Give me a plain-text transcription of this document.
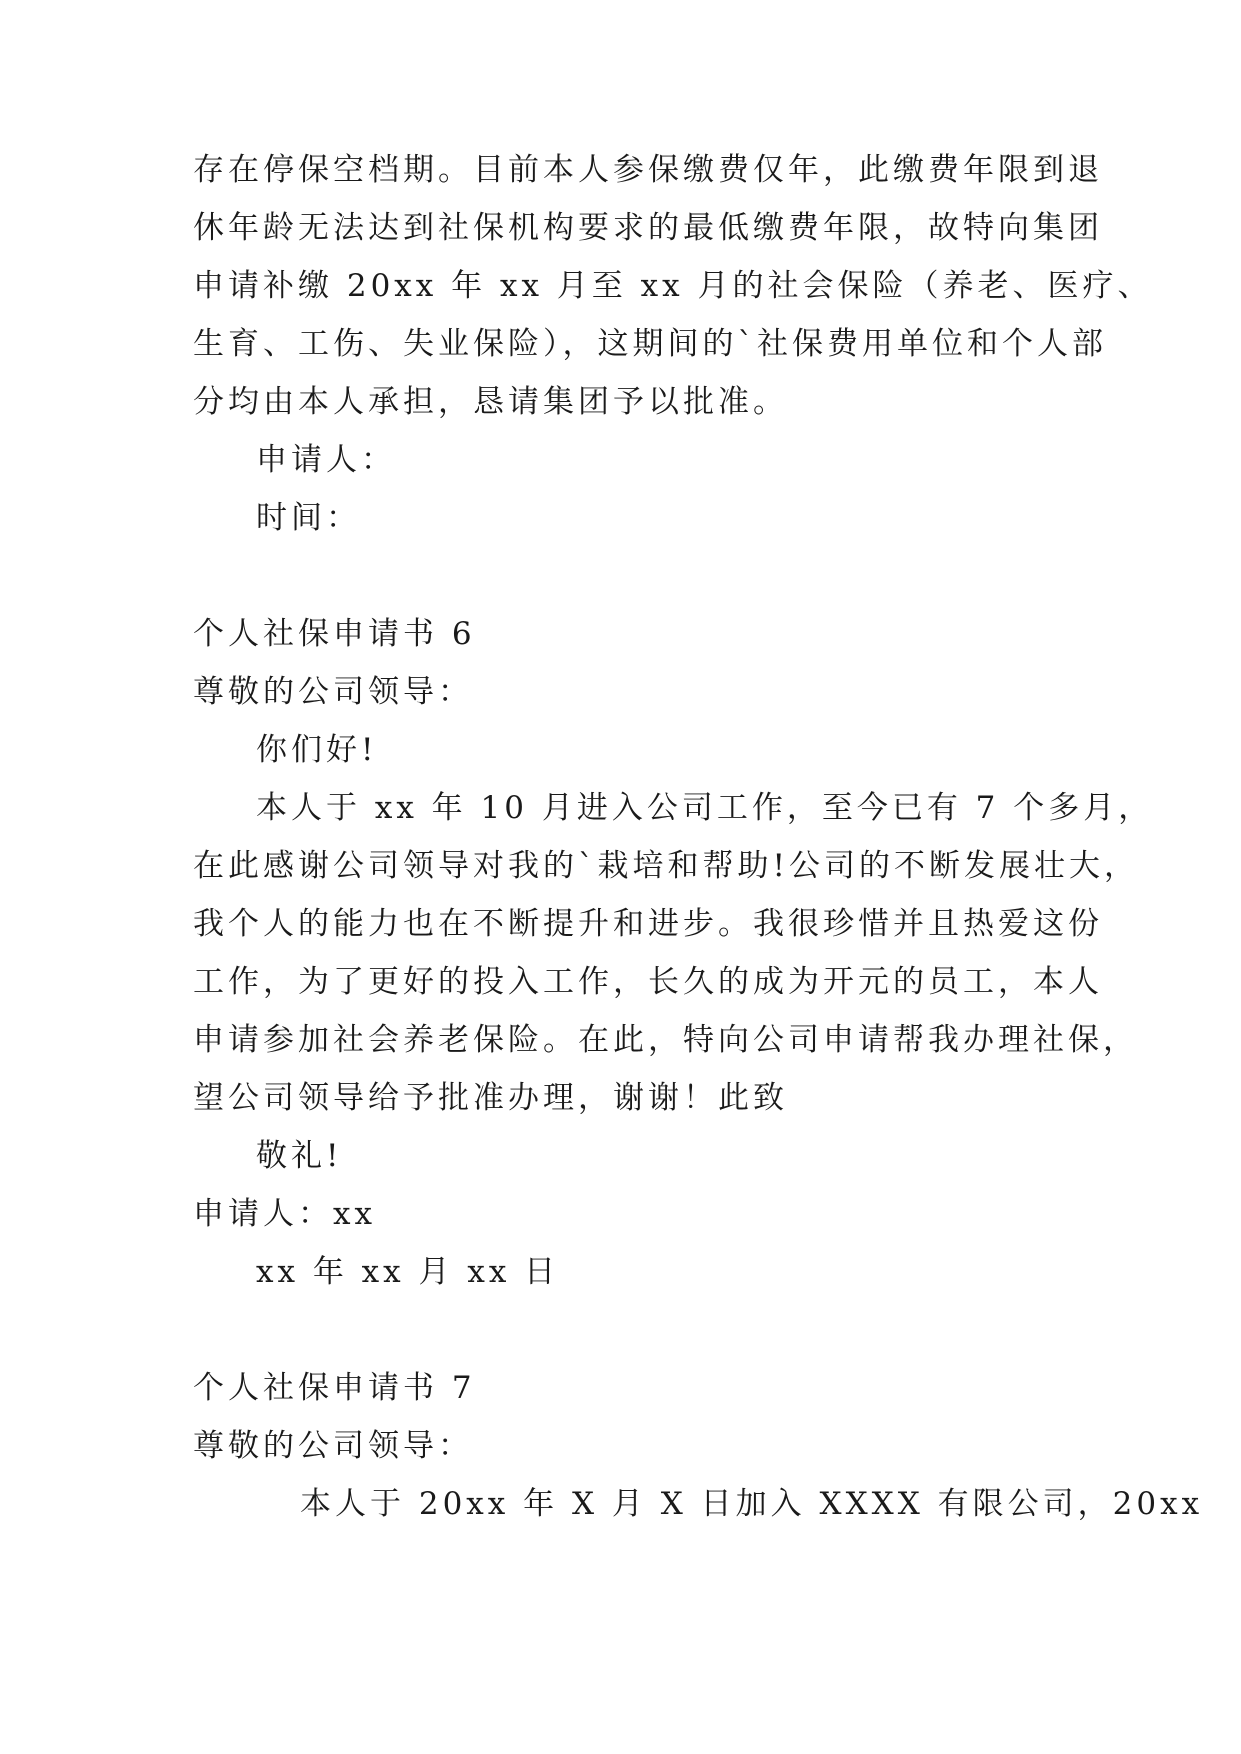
存在停保空档期。目前本人参保缴费仅年，此缴费年限到退
休年龄无法达到社保机构要求的最低缴费年限，故特向集团
申请补缴 20xx 年 xx 月至 xx 月的社会保险（养老、医疗、
生育、工伤、失业保险），这期间的`社保费用单位和个人部
分均由本人承担，恳请集团予以批准。
申请人：
时间：
个人社保申请书 6
尊敬的公司领导：
你们好!
本人于 xx 年 10 月进入公司工作，至今已有 7 个多月，
在此感谢公司领导对我的`栽培和帮助!公司的不断发展壮大，
我个人的能力也在不断提升和进步。我很珍惜并且热爱这份
工作，为了更好的投入工作，长久的成为开元的员工，本人
申请参加社会养老保险。在此，特向公司申请帮我办理社保，
望公司领导给予批准办理，谢谢！此致
敬礼!
申请人：xx
xx 年 xx 月 xx 日
个人社保申请书 7
尊敬的公司领导：
本人于 20xx 年 X 月 X 日加入 XXXX 有限公司，20xx
